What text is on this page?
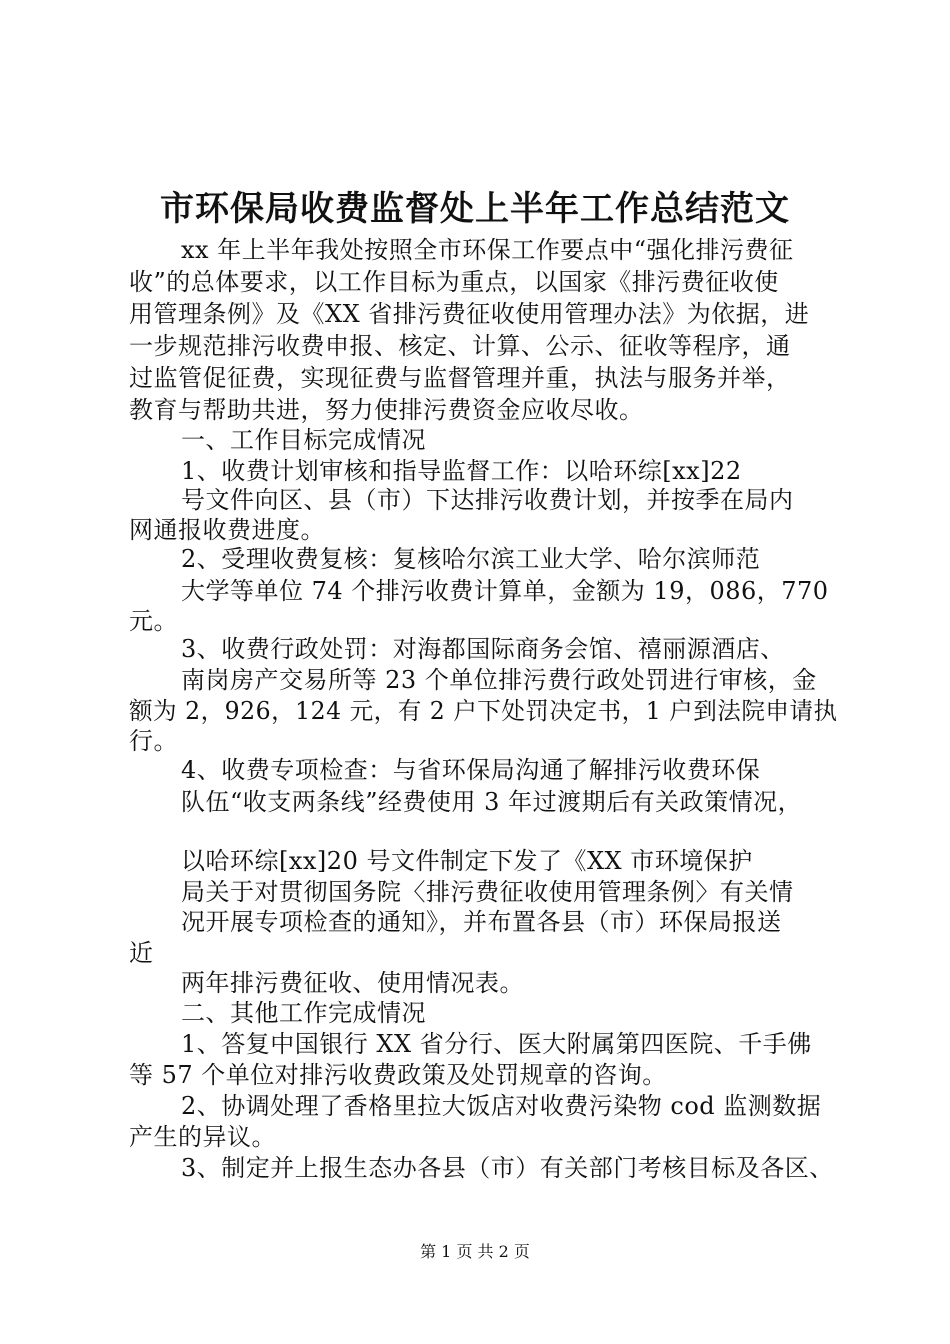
市环保局收费监督处上半年工作总结范文
xx 年上半年我处按照全市环保工作要点中“强化排污费征
收”的总体要求，以工作目标为重点，以国家《排污费征收使
用管理条例》及《XX 省排污费征收使用管理办法》为依据，进
一步规范排污收费申报、核定、计算、公示、征收等程序，通
过监管促征费，实现征费与监督管理并重，执法与服务并举，
教育与帮助共进，努力使排污费资金应收尽收。
一、工作目标完成情况
1、收费计划审核和指导监督工作：以哈环综[xx]22
号文件向区、县（市）下达排污收费计划，并按季在局内
网通报收费进度。
2、受理收费复核：复核哈尔滨工业大学、哈尔滨师范
大学等单位 74 个排污收费计算单，金额为 19，086，770
元。
3、收费行政处罚：对海都国际商务会馆、禧丽源酒店、
南岗房产交易所等 23 个单位排污费行政处罚进行审核，金
额为 2，926，124 元，有 2 户下处罚决定书，1 户到法院申请执
行。
4、收费专项检查：与省环保局沟通了解排污收费环保
队伍“收支两条线”经费使用 3 年过渡期后有关政策情况，
以哈环综[xx]20 号文件制定下发了《XX 市环境保护
局关于对贯彻国务院〈排污费征收使用管理条例〉有关情
况开展专项检查的通知》，并布置各县（市）环保局报送
近
两年排污费征收、使用情况表。
二、其他工作完成情况
1、答复中国银行 XX 省分行、医大附属第四医院、千手佛
等 57 个单位对排污收费政策及处罚规章的咨询。
2、协调处理了香格里拉大饭店对收费污染物 cod 监测数据
产生的异议。
3、制定并上报生态办各县（市）有关部门考核目标及各区、
第 1 页 共 2 页
